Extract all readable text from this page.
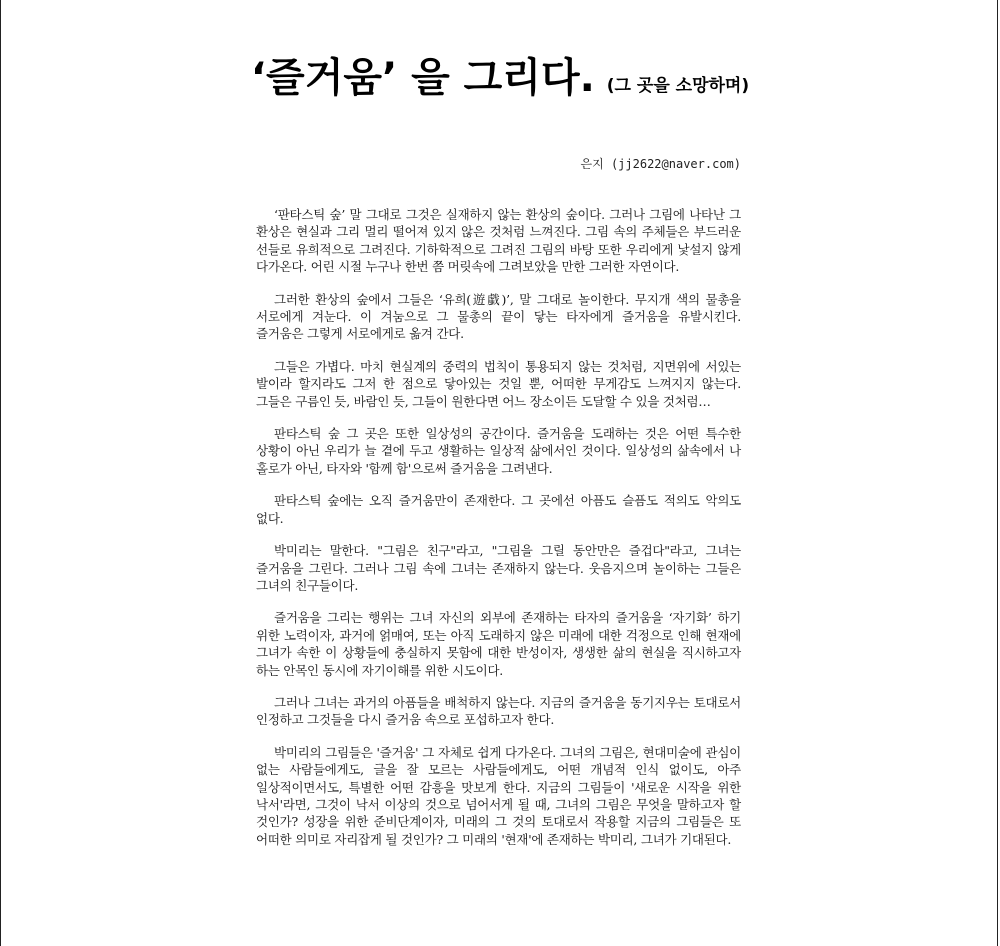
‘즐거움’ 을 그리다. (그 곳을 소망하며)
은지 (jj2622@naver.com)

‘판타스틱 숲’ 말 그대로 그것은 실재하지 않는 환상의 숲이다. 그러나 그림에 나타난 그 환상은 현실과 그리 멀리 떨어져 있지 않은 것처럼 느껴진다. 그림 속의 주체들은 부드러운 선들로 유희적으로 그려진다. 기하학적으로 그려진 그림의 바탕 또한 우리에게 낯설지 않게 다가온다. 어린 시절 누구나 한번 쯤 머릿속에 그려보았을 만한 그러한 자연이다.

그러한 환상의 숲에서 그들은 ‘유희(遊戱)’, 말 그대로 놀이한다. 무지개 색의 물총을 서로에게 겨눈다. 이 겨눔으로 그 물총의 끝이 닿는 타자에게 즐거움을 유발시킨다. 즐거움은 그렇게 서로에게로 옮겨 간다.

그들은 가볍다. 마치 현실계의 중력의 법칙이 통용되지 않는 것처럼, 지면위에 서있는 발이라 할지라도 그저 한 점으로 닿아있는 것일 뿐, 어떠한 무게감도 느껴지지 않는다. 그들은 구름인 듯, 바람인 듯, 그들이 원한다면 어느 장소이든 도달할 수 있을 것처럼…

판타스틱 숲 그 곳은 또한 일상성의 공간이다. 즐거움을 도래하는 것은 어떤 특수한 상황이 아닌 우리가 늘 곁에 두고 생활하는 일상적 삶에서인 것이다. 일상성의 삶속에서 나 홀로가 아닌, 타자와 '함께 함'으로써 즐거움을 그려낸다.

판타스틱 숲에는 오직 즐거움만이 존재한다. 그 곳에선 아픔도 슬픔도 적의도 악의도 없다.

박미리는 말한다. "그림은 친구"라고, "그림을 그릴 동안만은 즐겁다"라고, 그녀는 즐거움을 그린다. 그러나 그림 속에 그녀는 존재하지 않는다. 웃음지으며 놀이하는 그들은 그녀의 친구들이다.

즐거움을 그리는 행위는 그녀 자신의 외부에 존재하는 타자의 즐거움을 ‘자기화’ 하기 위한 노력이자, 과거에 얽매여, 또는 아직 도래하지 않은 미래에 대한 걱정으로 인해 현재에 그녀가 속한 이 상황들에 충실하지 못함에 대한 반성이자, 생생한 삶의 현실을 직시하고자 하는 안목인 동시에 자기이해를 위한 시도이다.

그러나 그녀는 과거의 아픔들을 배척하지 않는다. 지금의 즐거움을 동기지우는 토대로서 인정하고 그것들을 다시 즐거움 속으로 포섭하고자 한다.

박미리의 그림들은 '즐거움' 그 자체로 쉽게 다가온다. 그녀의 그림은, 현대미술에 관심이 없는 사람들에게도, 글을 잘 모르는 사람들에게도, 어떤 개념적 인식 없이도, 아주 일상적이면서도, 특별한 어떤 감흥을 맛보게 한다. 지금의 그림들이 '새로운 시작을 위한 낙서'라면, 그것이 낙서 이상의 것으로 넘어서게 될 때, 그녀의 그림은 무엇을 말하고자 할 것인가? 성장을 위한 준비단계이자, 미래의 그 것의 토대로서 작용할 지금의 그림들은 또 어떠한 의미로 자리잡게 될 것인가? 그 미래의 '현재'에 존재하는 박미리, 그녀가 기대된다.
